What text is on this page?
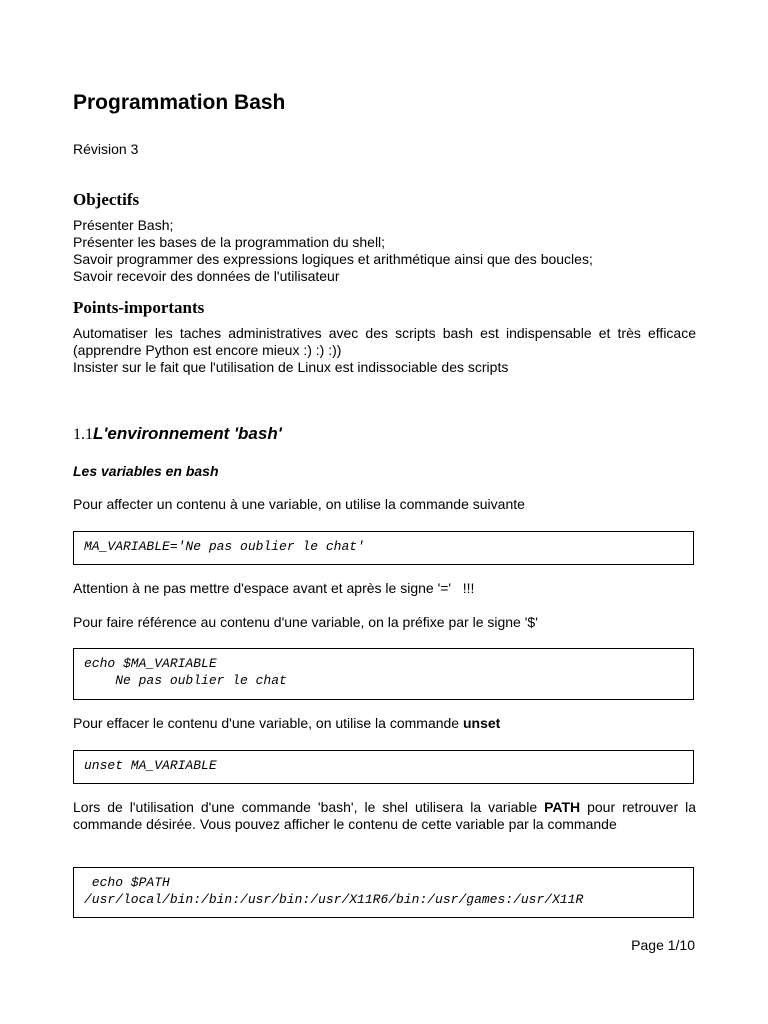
Programmation Bash
Révision 3
Objectifs
Présenter Bash;
Présenter les bases de la programmation du shell;
Savoir programmer des expressions logiques et arithmétique ainsi que des boucles;
Savoir recevoir des données de l'utilisateur
Points-importants
Automatiser les taches administratives avec des scripts bash est indispensable et très efficace (apprendre Python est encore mieux :) :) :))
Insister sur le fait que l'utilisation de Linux est indissociable des scripts
1.1L'environnement 'bash'
Les variables en bash
Pour affecter un contenu à une variable, on utilise la commande suivante
MA_VARIABLE='Ne pas oublier le chat'
Attention à ne pas mettre d'espace avant et après le signe '='   !!!
Pour faire référence au contenu d'une variable, on la préfixe par le signe '$'
echo $MA_VARIABLE
Ne pas oublier le chat
Pour effacer le contenu d'une variable, on utilise la commande unset
unset MA_VARIABLE
Lors de l'utilisation d'une commande 'bash', le shel utilisera la variable PATH pour retrouver la commande désirée. Vous pouvez afficher le contenu de cette variable par la commande
echo $PATH
/usr/local/bin:/bin:/usr/bin:/usr/X11R6/bin:/usr/games:/usr/X11R
Page 1/10
